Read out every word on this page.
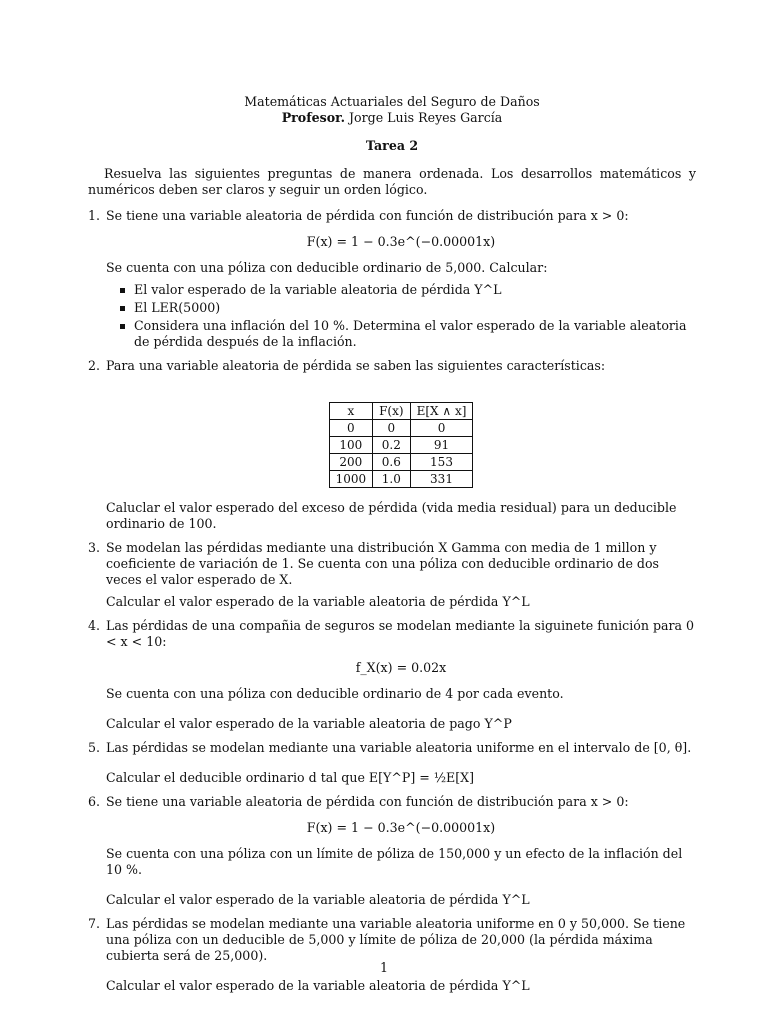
Matemáticas Actuariales del Seguro de Daños
Profesor. Jorge Luis Reyes García
Tarea 2
Resuelva las siguientes preguntas de manera ordenada. Los desarrollos matemáticos y numéricos deben ser claros y seguir un orden lógico.
1. Se tiene una variable aleatoria de pérdida con función de distribución para x > 0:
F(x) = 1 − 0.3e^(−0.00001x)
Se cuenta con una póliza con deducible ordinario de 5,000. Calcular:
El valor esperado de la variable aleatoria de pérdida Y^L
El LER(5000)
Considera una inflación del 10 %. Determina el valor esperado de la variable aleatoria de pérdida después de la inflación.
2. Para una variable aleatoria de pérdida se saben las siguientes características:
x	F(x)	E[X ∧ x]
0	0	0
100	0.2	91
200	0.6	153
1000	1.0	331
Caluclar el valor esperado del exceso de pérdida (vida media residual) para un deducible ordinario de 100.
3. Se modelan las pérdidas mediante una distribución X Gamma con media de 1 millon y coeficiente de variación de 1. Se cuenta con una póliza con deducible ordinario de dos veces el valor esperado de X.
Calcular el valor esperado de la variable aleatoria de pérdida Y^L
4. Las pérdidas de una compañia de seguros se modelan mediante la siguinete funición para 0 < x < 10:
f_X(x) = 0.02x
Se cuenta con una póliza con deducible ordinario de 4 por cada evento.
Calcular el valor esperado de la variable aleatoria de pago Y^P
5. Las pérdidas se modelan mediante una variable aleatoria uniforme en el intervalo de [0, θ].
Calcular el deducible ordinario d tal que E[Y^P] = ½E[X]
6. Se tiene una variable aleatoria de pérdida con función de distribución para x > 0:
F(x) = 1 − 0.3e^(−0.00001x)
Se cuenta con una póliza con un límite de póliza de 150,000 y un efecto de la inflación del 10 %.
Calcular el valor esperado de la variable aleatoria de pérdida Y^L
7. Las pérdidas se modelan mediante una variable aleatoria uniforme en 0 y 50,000. Se tiene una póliza con un deducible de 5,000 y límite de póliza de 20,000 (la pérdida máxima cubierta será de 25,000).
Calcular el valor esperado de la variable aleatoria de pérdida Y^L
1
